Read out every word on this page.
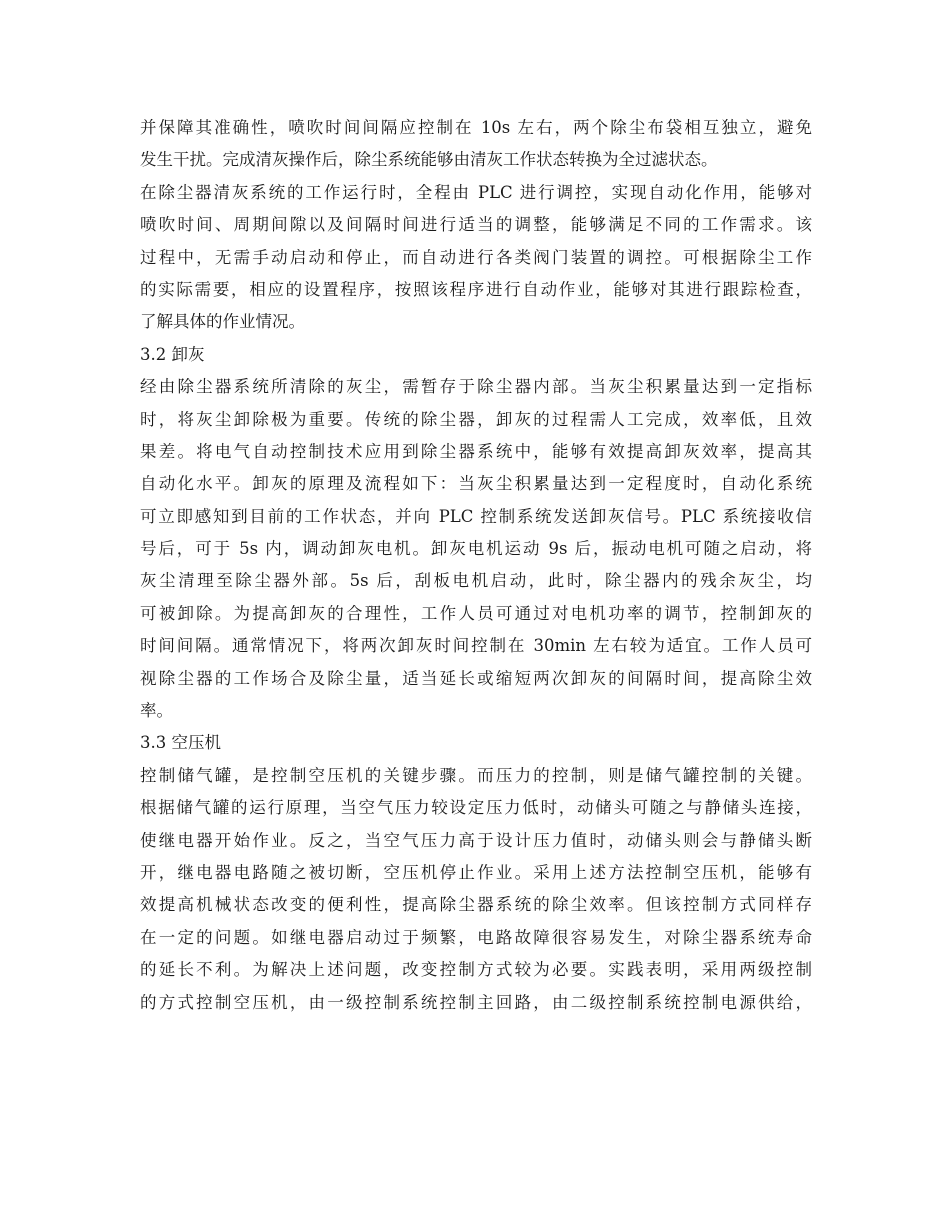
并保障其准确性，喷吹时间间隔应控制在 10s 左右，两个除尘布袋相互独立，避免
发生干扰。完成清灰操作后，除尘系统能够由清灰工作状态转换为全过滤状态。
在除尘器清灰系统的工作运行时，全程由 PLC 进行调控，实现自动化作用，能够对
喷吹时间、周期间隙以及间隔时间进行适当的调整，能够满足不同的工作需求。该
过程中，无需手动启动和停止，而自动进行各类阀门装置的调控。可根据除尘工作
的实际需要，相应的设置程序，按照该程序进行自动作业，能够对其进行跟踪检查，
了解具体的作业情况。
3.2 卸灰
经由除尘器系统所清除的灰尘，需暂存于除尘器内部。当灰尘积累量达到一定指标
时，将灰尘卸除极为重要。传统的除尘器，卸灰的过程需人工完成，效率低，且效
果差。将电气自动控制技术应用到除尘器系统中，能够有效提高卸灰效率，提高其
自动化水平。卸灰的原理及流程如下：当灰尘积累量达到一定程度时，自动化系统
可立即感知到目前的工作状态，并向 PLC 控制系统发送卸灰信号。PLC 系统接收信
号后，可于 5s 内，调动卸灰电机。卸灰电机运动 9s 后，振动电机可随之启动，将
灰尘清理至除尘器外部。5s 后，刮板电机启动，此时，除尘器内的残余灰尘，均
可被卸除。为提高卸灰的合理性，工作人员可通过对电机功率的调节，控制卸灰的
时间间隔。通常情况下，将两次卸灰时间控制在 30min 左右较为适宜。工作人员可
视除尘器的工作场合及除尘量，适当延长或缩短两次卸灰的间隔时间，提高除尘效
率。
3.3 空压机
控制储气罐，是控制空压机的关键步骤。而压力的控制，则是储气罐控制的关键。
根据储气罐的运行原理，当空气压力较设定压力低时，动储头可随之与静储头连接，
使继电器开始作业。反之，当空气压力高于设计压力值时，动储头则会与静储头断
开，继电器电路随之被切断，空压机停止作业。采用上述方法控制空压机，能够有
效提高机械状态改变的便利性，提高除尘器系统的除尘效率。但该控制方式同样存
在一定的问题。如继电器启动过于频繁，电路故障很容易发生，对除尘器系统寿命
的延长不利。为解决上述问题，改变控制方式较为必要。实践表明，采用两级控制
的方式控制空压机，由一级控制系统控制主回路，由二级控制系统控制电源供给，
